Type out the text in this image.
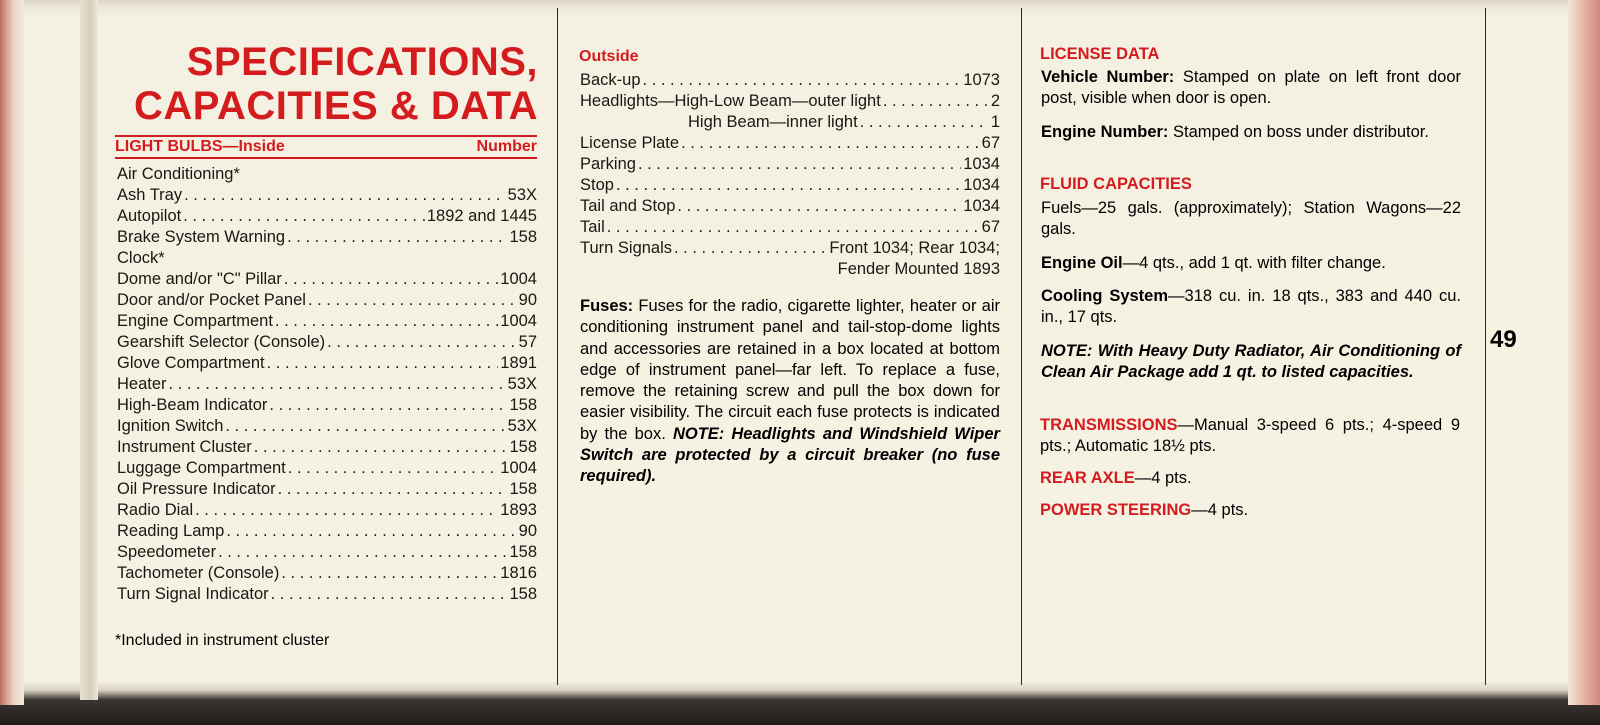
SPECIFICATIONS,
CAPACITIES & DATA
LIGHT BULBS—Inside	Number
Air Conditioning*
Ash Tray . . .	53X
Autopilot . . .	1892 and 1445
Brake System Warning . . .	158
Clock*
Dome and/or "C" Pillar . . .	1004
Door and/or Pocket Panel . . .	90
Engine Compartment . . .	1004
Gearshift Selector (Console) . . .	57
Glove Compartment . . .	1891
Heater . . .	53X
High-Beam Indicator . . .	158
Ignition Switch . . .	53X
Instrument Cluster . . .	158
Luggage Compartment . . .	1004
Oil Pressure Indicator . . .	158
Radio Dial . . .	1893
Reading Lamp . . .	90
Speedometer . . .	158
Tachometer (Console) . . .	1816
Turn Signal Indicator . . .	158
*Included in instrument cluster
Outside
Back-up . . .	1073
Headlights—High-Low Beam—outer light . . .	2
High Beam—inner light . . .	1
License Plate . . .	67
Parking . . .	1034
Stop . . .	1034
Tail and Stop . . .	1034
Tail . . .	67
Turn Signals . . .	Front 1034; Rear 1034;
Fender Mounted 1893
Fuses: Fuses for the radio, cigarette lighter, heater or air conditioning instrument panel and tail-stop-dome lights and accessories are retained in a box located at bottom edge of instrument panel—far left. To replace a fuse, remove the retaining screw and pull the box down for easier visibility. The circuit each fuse protects is indicated by the box. NOTE: Headlights and Windshield Wiper Switch are protected by a circuit breaker (no fuse required).
LICENSE DATA
Vehicle Number: Stamped on plate on left front door post, visible when door is open.
Engine Number: Stamped on boss under distributor.
FLUID CAPACITIES
Fuels—25 gals. (approximately); Station Wagons—22 gals.
Engine Oil—4 qts., add 1 qt. with filter change.
Cooling System—318 cu. in. 18 qts., 383 and 440 cu. in., 17 qts.
NOTE: With Heavy Duty Radiator, Air Conditioning of Clean Air Package add 1 qt. to listed capacities.
TRANSMISSIONS—Manual 3-speed 6 pts.; 4-speed 9 pts.; Automatic 18½ pts.
REAR AXLE—4 pts.
POWER STEERING—4 pts.
49
